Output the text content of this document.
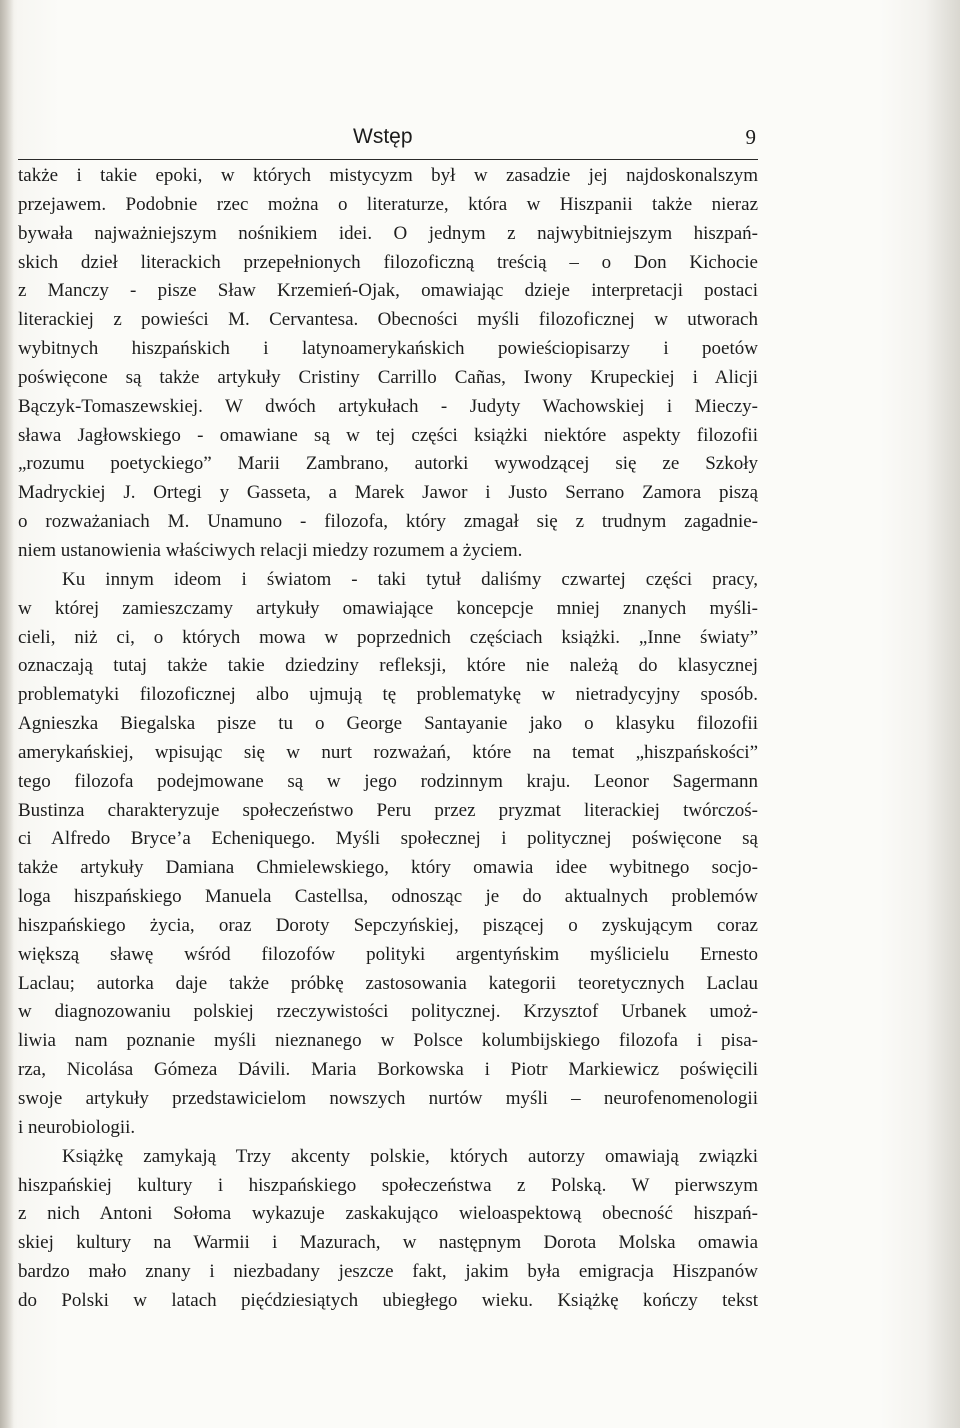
Wstęp	9
także i takie epoki, w których mistycyzm był w zasadzie jej najdoskonalszym
przejawem. Podobnie rzec można o literaturze, która w Hiszpanii także nieraz
bywała najważniejszym nośnikiem idei. O jednym z najwybitniejszym hiszpań-
skich dzieł literackich przepełnionych filozoficzną treścią – o Don Kichocie
z Manczy - pisze Sław Krzemień-Ojak, omawiając dzieje interpretacji postaci
literackiej z powieści M. Cervantesa. Obecności myśli filozoficznej w utworach
wybitnych hiszpańskich i latynoamerykańskich powieściopisarzy i poetów
poświęcone są także artykuły Cristiny Carrillo Cañas, Iwony Krupeckiej i Alicji
Bączyk-Tomaszewskiej. W dwóch artykułach - Judyty Wachowskiej i Mieczy-
sława Jagłowskiego - omawiane są w tej części książki niektóre aspekty filozofii
„rozumu poetyckiego” Marii Zambrano, autorki wywodzącej się ze Szkoły
Madryckiej J. Ortegi y Gasseta, a Marek Jawor i Justo Serrano Zamora piszą
o rozważaniach M. Unamuno - filozofa, który zmagał się z trudnym zagadnie-
niem ustanowienia właściwych relacji miedzy rozumem a życiem.
Ku innym ideom i światom - taki tytuł daliśmy czwartej części pracy,
w której zamieszczamy artykuły omawiające koncepcje mniej znanych myśli-
cieli, niż ci, o których mowa w poprzednich częściach książki. „Inne światy”
oznaczają tutaj także takie dziedziny refleksji, które nie należą do klasycznej
problematyki filozoficznej albo ujmują tę problematykę w nietradycyjny sposób.
Agnieszka Biegalska pisze tu o George Santayanie jako o klasyku filozofii
amerykańskiej, wpisując się w nurt rozważań, które na temat „hiszpańskości”
tego filozofa podejmowane są w jego rodzinnym kraju. Leonor Sagermann
Bustinza charakteryzuje społeczeństwo Peru przez pryzmat literackiej twórczoś-
ci Alfredo Bryce’a Echeniquego. Myśli społecznej i politycznej poświęcone są
także artykuły Damiana Chmielewskiego, który omawia idee wybitnego socjo-
loga hiszpańskiego Manuela Castellsa, odnosząc je do aktualnych problemów
hiszpańskiego życia, oraz Doroty Sepczyńskiej, piszącej o zyskującym coraz
większą sławę wśród filozofów polityki argentyńskim myślicielu Ernesto
Laclau; autorka daje także próbkę zastosowania kategorii teoretycznych Laclau
w diagnozowaniu polskiej rzeczywistości politycznej. Krzysztof Urbanek umoż-
liwia nam poznanie myśli nieznanego w Polsce kolumbijskiego filozofa i pisa-
rza, Nicolása Gómeza Dávili. Maria Borkowska i Piotr Markiewicz poświęcili
swoje artykuły przedstawicielom nowszych nurtów myśli – neurofenomenologii
i neurobiologii.
Książkę zamykają Trzy akcenty polskie, których autorzy omawiają związki
hiszpańskiej kultury i hiszpańskiego społeczeństwa z Polską. W pierwszym
z nich Antoni Sołoma wykazuje zaskakująco wieloaspektową obecność hiszpań-
skiej kultury na Warmii i Mazurach, w następnym Dorota Molska omawia
bardzo mało znany i niezbadany jeszcze fakt, jakim była emigracja Hiszpanów
do Polski w latach pięćdziesiątych ubiegłego wieku. Książkę kończy tekst
